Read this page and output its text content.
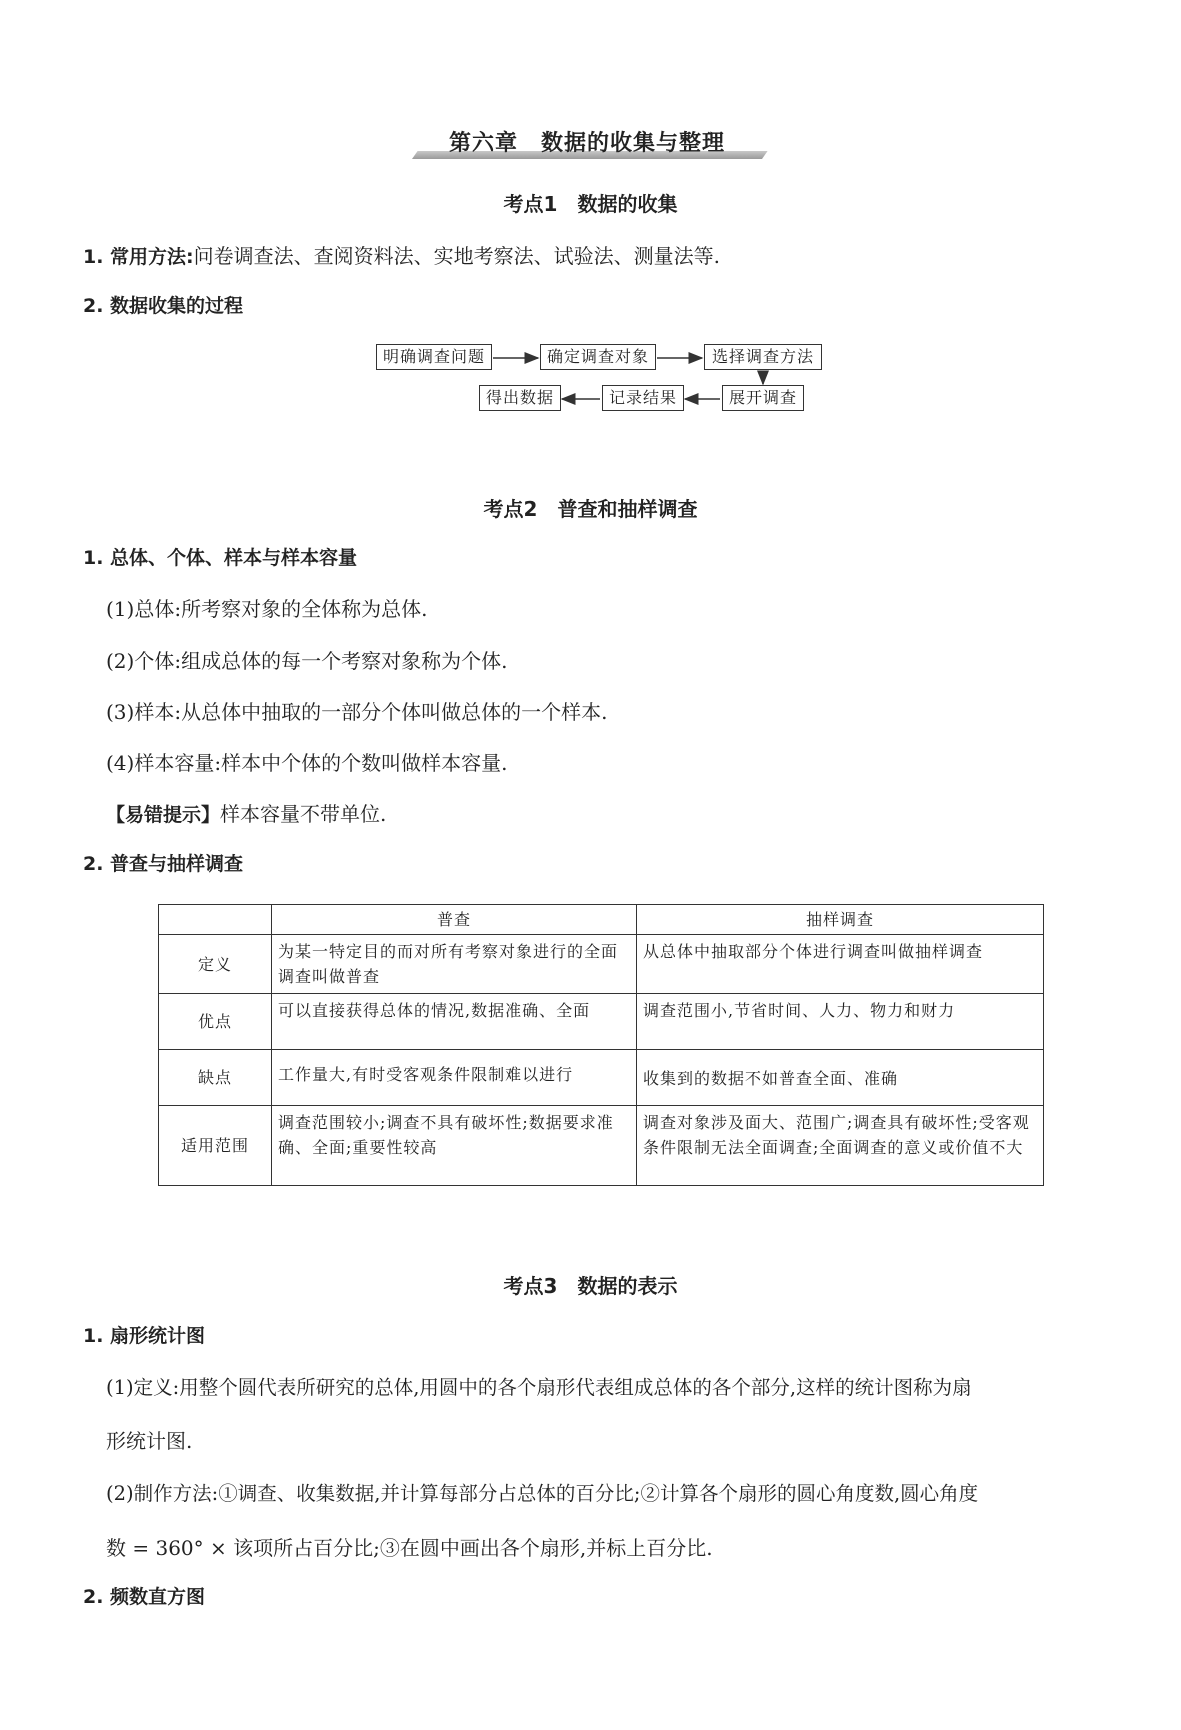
第六章　数据的收集与整理
考点1　数据的收集
1. 常用方法:问卷调查法、查阅资料法、实地考察法、试验法、测量法等.
2. 数据收集的过程
明确调查问题	确定调查对象	选择调查方法
展开调查
记录结果
得出数据
考点2　普查和抽样调查
1. 总体、个体、样本与样本容量
(1)总体:所考察对象的全体称为总体.
(2)个体:组成总体的每一个考察对象称为个体.
(3)样本:从总体中抽取的一部分个体叫做总体的一个样本.
(4)样本容量:样本中个体的个数叫做样本容量.
【易错提示】样本容量不带单位.
2. 普查与抽样调查
	普查	抽样调查
定义	为某一特定目的而对所有考察对象进行的全面调查叫做普查	从总体中抽取部分个体进行调查叫做抽样调查
优点	可以直接获得总体的情况,数据准确、全面	调查范围小,节省时间、人力、物力和财力
缺点	工作量大,有时受客观条件限制难以进行	收集到的数据不如普查全面、准确
适用范围	调查范围较小;调查不具有破坏性;数据要求准确、全面;重要性较高	调查对象涉及面大、范围广;调查具有破坏性;受客观条件限制无法全面调查;全面调查的意义或价值不大
考点3　数据的表示
1. 扇形统计图
(1)定义:用整个圆代表所研究的总体,用圆中的各个扇形代表组成总体的各个部分,这样的统计图称为扇
形统计图.
(2)制作方法:①调查、收集数据,并计算每部分占总体的百分比;②计算各个扇形的圆心角度数,圆心角度
数 = 360° × 该项所占百分比;③在圆中画出各个扇形,并标上百分比.
2. 频数直方图
